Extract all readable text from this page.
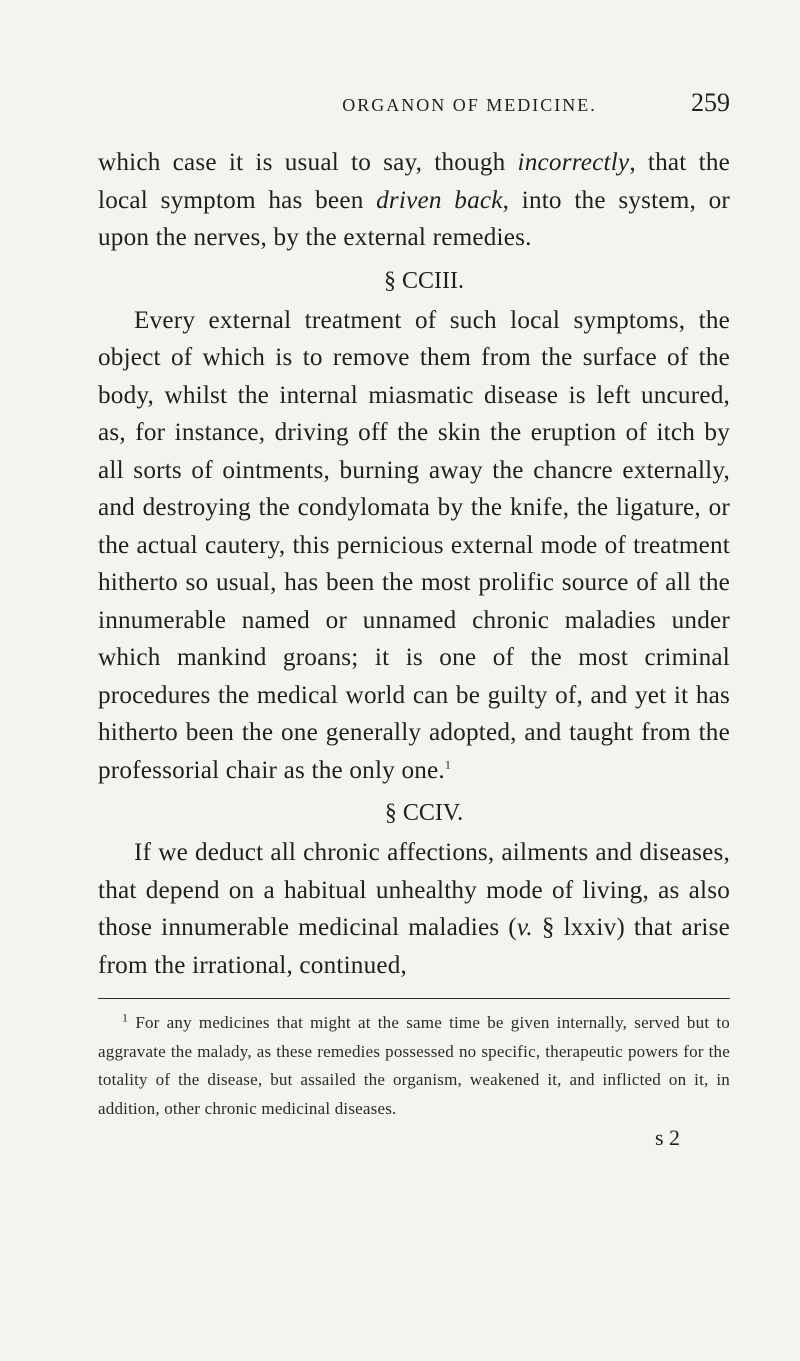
ORGANON OF MEDICINE.	259

which case it is usual to say, though incorrectly, that the local symptom has been driven back, into the system, or upon the nerves, by the external remedies.

§ CCIII.

Every external treatment of such local symptoms, the object of which is to remove them from the surface of the body, whilst the internal miasmatic disease is left uncured, as, for instance, driving off the skin the eruption of itch by all sorts of ointments, burning away the chancre externally, and destroying the condylomata by the knife, the ligature, or the actual cautery, this pernicious external mode of treatment hitherto so usual, has been the most prolific source of all the innumerable named or unnamed chronic maladies under which mankind groans; it is one of the most criminal procedures the medical world can be guilty of, and yet it has hitherto been the one generally adopted, and taught from the professorial chair as the only one.$^1$

§ CCIV.

If we deduct all chronic affections, ailments and diseases, that depend on a habitual unhealthy mode of living, as also those innumerable medicinal maladies (v. § lxxiv) that arise from the irrational, continued,

$^1$ For any medicines that might at the same time be given internally, served but to aggravate the malady, as these remedies possessed no specific, therapeutic powers for the totality of the disease, but assailed the organism, weakened it, and inflicted on it, in addition, other chronic medicinal diseases.

s 2
